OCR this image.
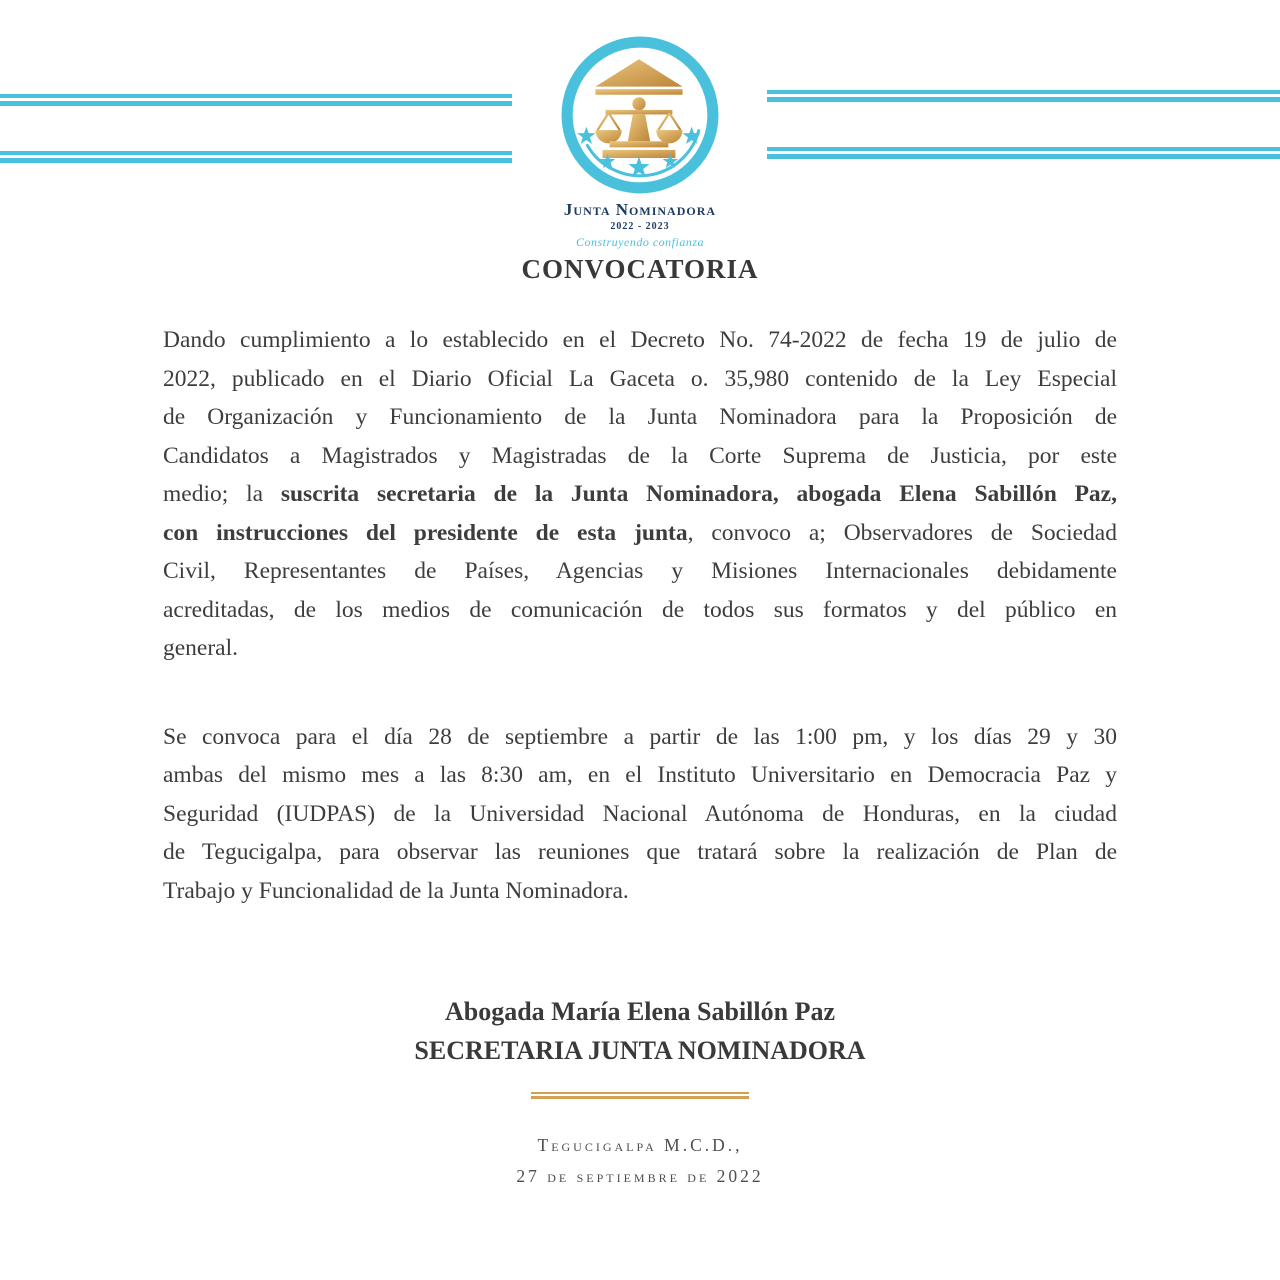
Junta Nominadora
2022 - 2023
Construyendo confianza
CONVOCATORIA
Dando cumplimiento a lo establecido en el Decreto No. 74-2022 de fecha 19 de julio de
2022, publicado en el Diario Oficial La Gaceta o. 35,980 contenido de la Ley Especial
de Organización y Funcionamiento de la Junta Nominadora para la Proposición de
Candidatos a Magistrados y Magistradas de la Corte Suprema de Justicia, por este
medio; la suscrita secretaria de la Junta Nominadora, abogada Elena Sabillón Paz,
con instrucciones del presidente de esta junta, convoco a; Observadores de Sociedad
Civil, Representantes de Países, Agencias y Misiones Internacionales debidamente
acreditadas, de los medios de comunicación de todos sus formatos y del público en
general.
Se convoca para el día 28 de septiembre a partir de las 1:00 pm, y los días 29 y 30
ambas del mismo mes a las 8:30 am, en el Instituto Universitario en Democracia Paz y
Seguridad (IUDPAS) de la Universidad Nacional Autónoma de Honduras, en la ciudad
de Tegucigalpa, para observar las reuniones que tratará sobre la realización de Plan de
Trabajo y Funcionalidad de la Junta Nominadora.
Abogada María Elena Sabillón Paz
SECRETARIA JUNTA NOMINADORA
Tegucigalpa M.C.D.,
27 de septiembre de 2022
